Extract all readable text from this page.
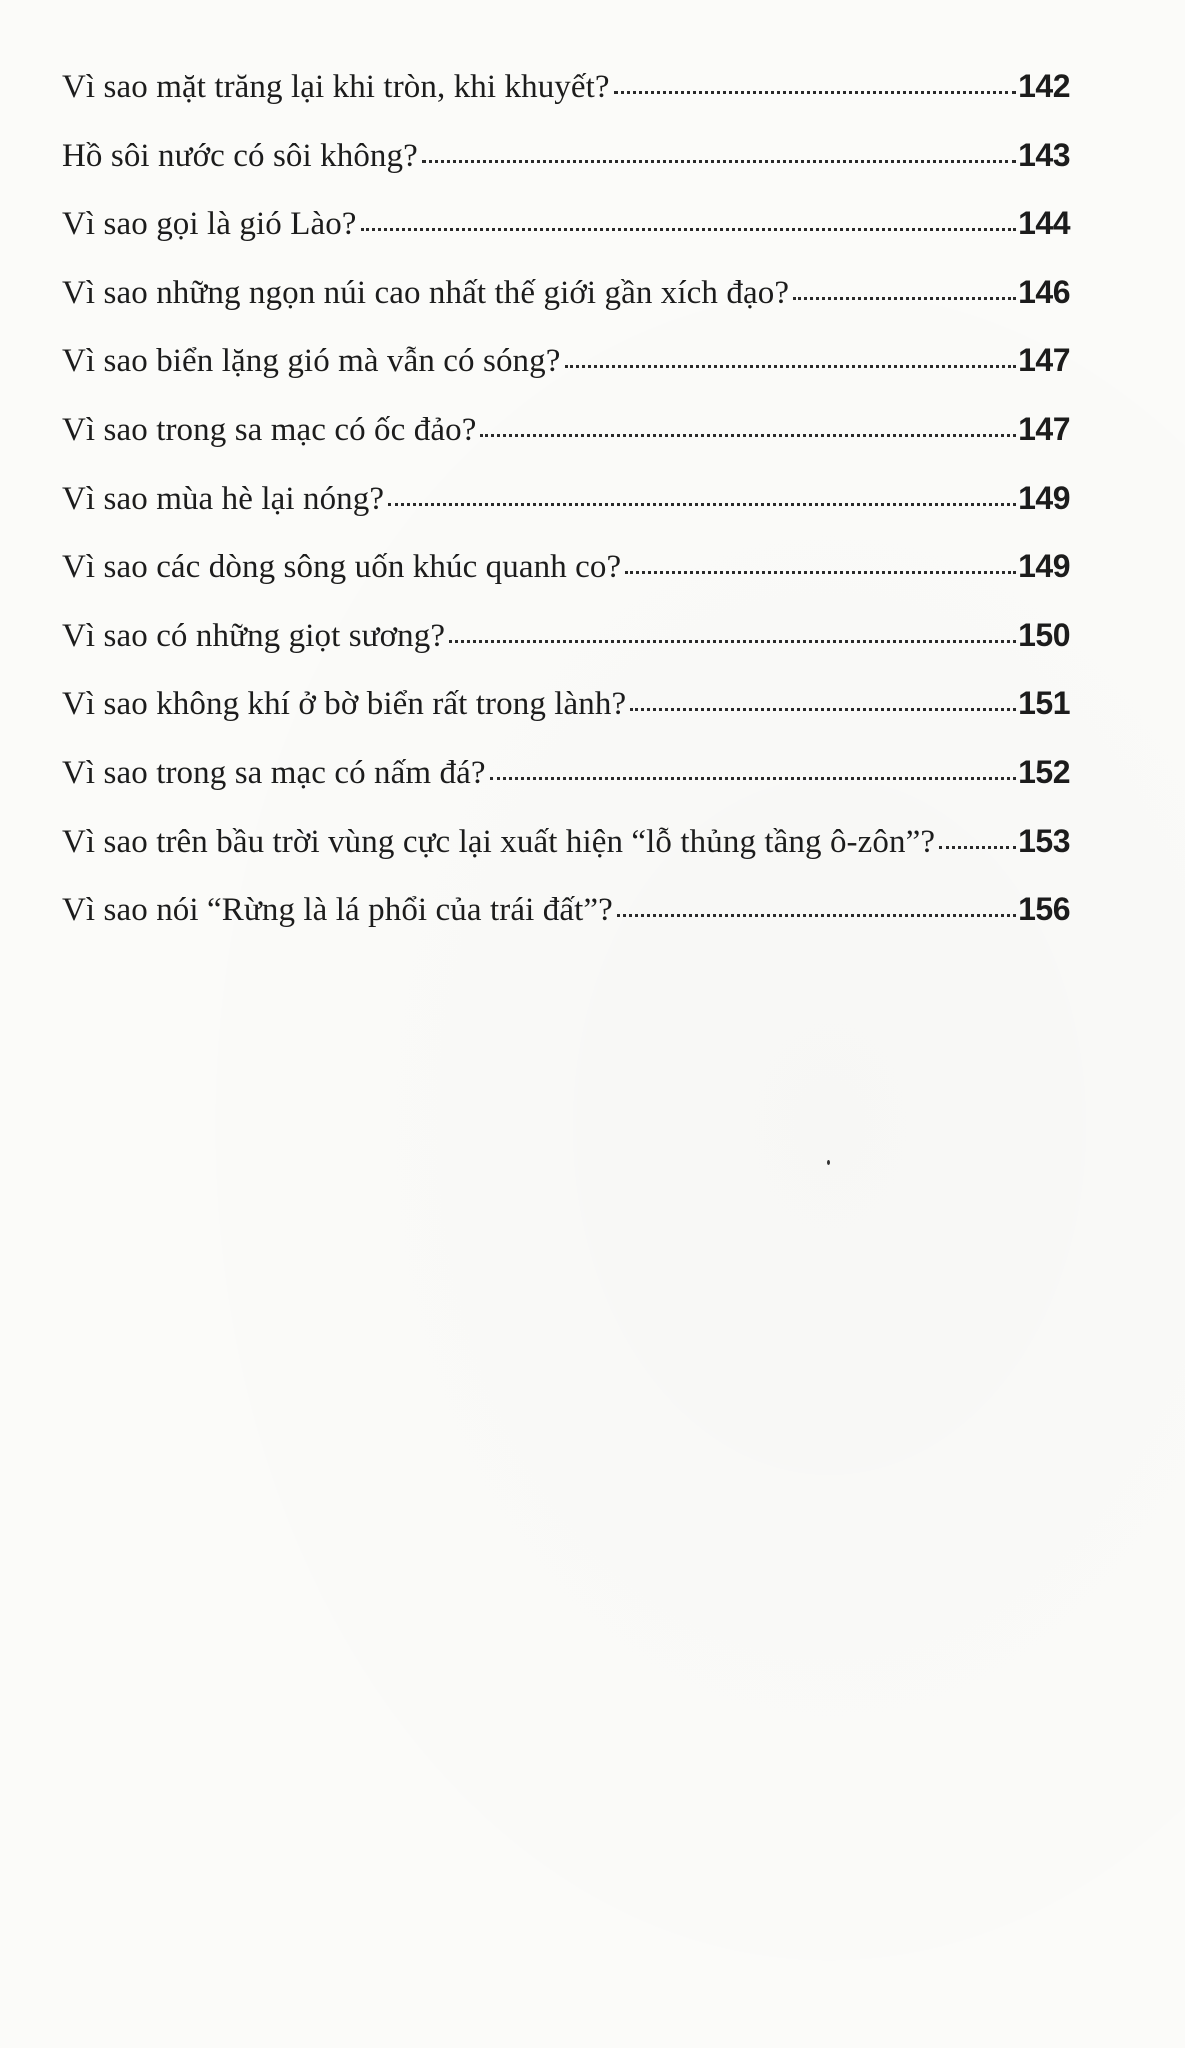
Vì sao mặt trăng lại khi tròn, khi khuyết?	142
Hồ sôi nước có sôi không?	143
Vì sao gọi là gió Lào?	144
Vì sao những ngọn núi cao nhất thế giới gần xích đạo?	146
Vì sao biển lặng gió mà vẫn có sóng?	147
Vì sao trong sa mạc có ốc đảo?	147
Vì sao mùa hè lại nóng?	149
Vì sao các dòng sông uốn khúc quanh co?	149
Vì sao có những giọt sương?	150
Vì sao không khí ở bờ biển rất trong lành?	151
Vì sao trong sa mạc có nấm đá?	152
Vì sao trên bầu trời vùng cực lại xuất hiện “lỗ thủng tầng ô-zôn”?	153
Vì sao nói “Rừng là lá phổi của trái đất”?	156
